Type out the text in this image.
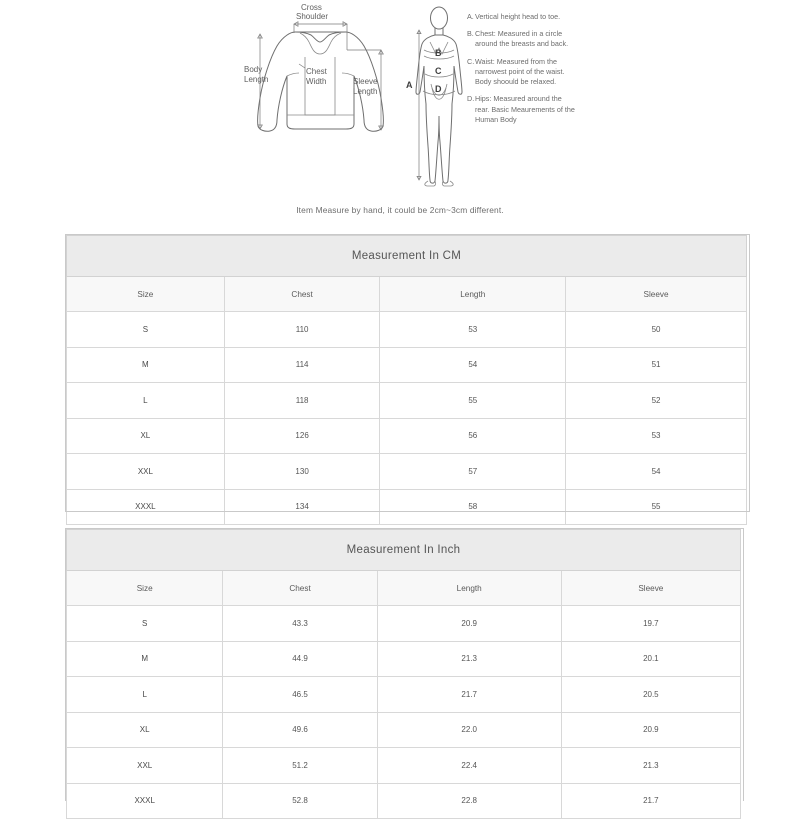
Cross
Shoulder
Body
Length
Chest
Width	Sleeve
Length
A
B
C
D
A. Vertical height head to toe.
B. Chest: Measured in a circle around the breasts and back.
C. Waist: Measured from the narrowest point of the waist. Body shoould be relaxed.
D. Hips: Measured around the rear. Basic Meaurements of the Human Body
Item Measure by hand, it could be 2cm~3cm different.
Measurement In CM			
Size	Chest	Length	Sleeve
S	110	53	50
M	114	54	51
L	118	55	52
XL	126	56	53
XXL	130	57	54
XXXL	134	58	55
Measurement In Inch			
Size	Chest	Length	Sleeve
S	43.3	20.9	19.7
M	44.9	21.3	20.1
L	46.5	21.7	20.5
XL	49.6	22.0	20.9
XXL	51.2	22.4	21.3
XXXL	52.8	22.8	21.7
